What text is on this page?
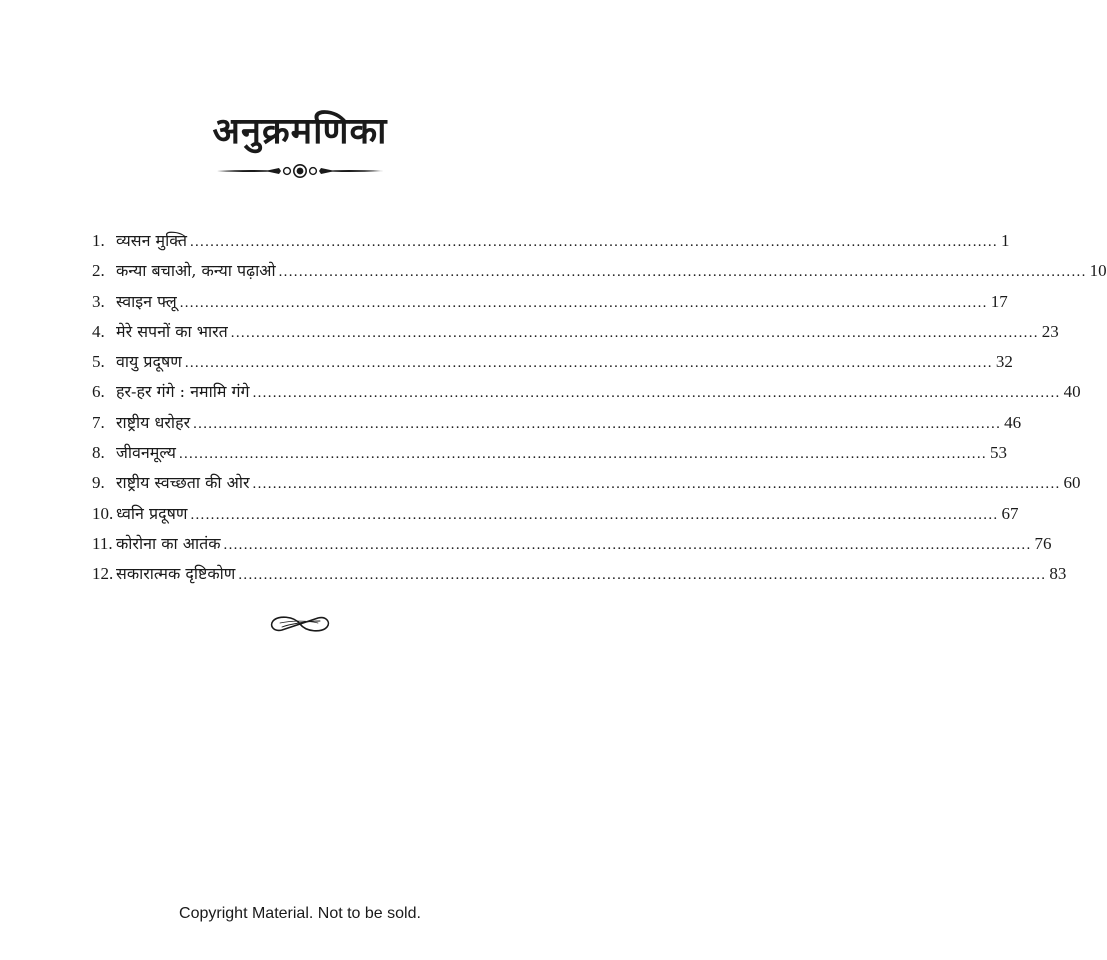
अनुक्रमणिका
1. व्यसन मुक्ति ................................................................................................................................................................ 1
2. कन्या बचाओ, कन्या पढ़ाओ ................................................................................................................................................................ 10
3. स्वाइन फ्लू ................................................................................................................................................................ 17
4. मेरे सपनों का भारत ................................................................................................................................................................ 23
5. वायु प्रदूषण ................................................................................................................................................................ 32
6. हर-हर गंगे : नमामि गंगे ................................................................................................................................................................ 40
7. राष्ट्रीय धरोहर ................................................................................................................................................................ 46
8. जीवनमूल्य ................................................................................................................................................................ 53
9. राष्ट्रीय स्वच्छता की ओर ................................................................................................................................................................ 60
10. ध्वनि प्रदूषण ................................................................................................................................................................ 67
11. कोरोना का आतंक ................................................................................................................................................................ 76
12. सकारात्मक दृष्टिकोण ................................................................................................................................................................ 83
Copyright Material. Not to be sold.
